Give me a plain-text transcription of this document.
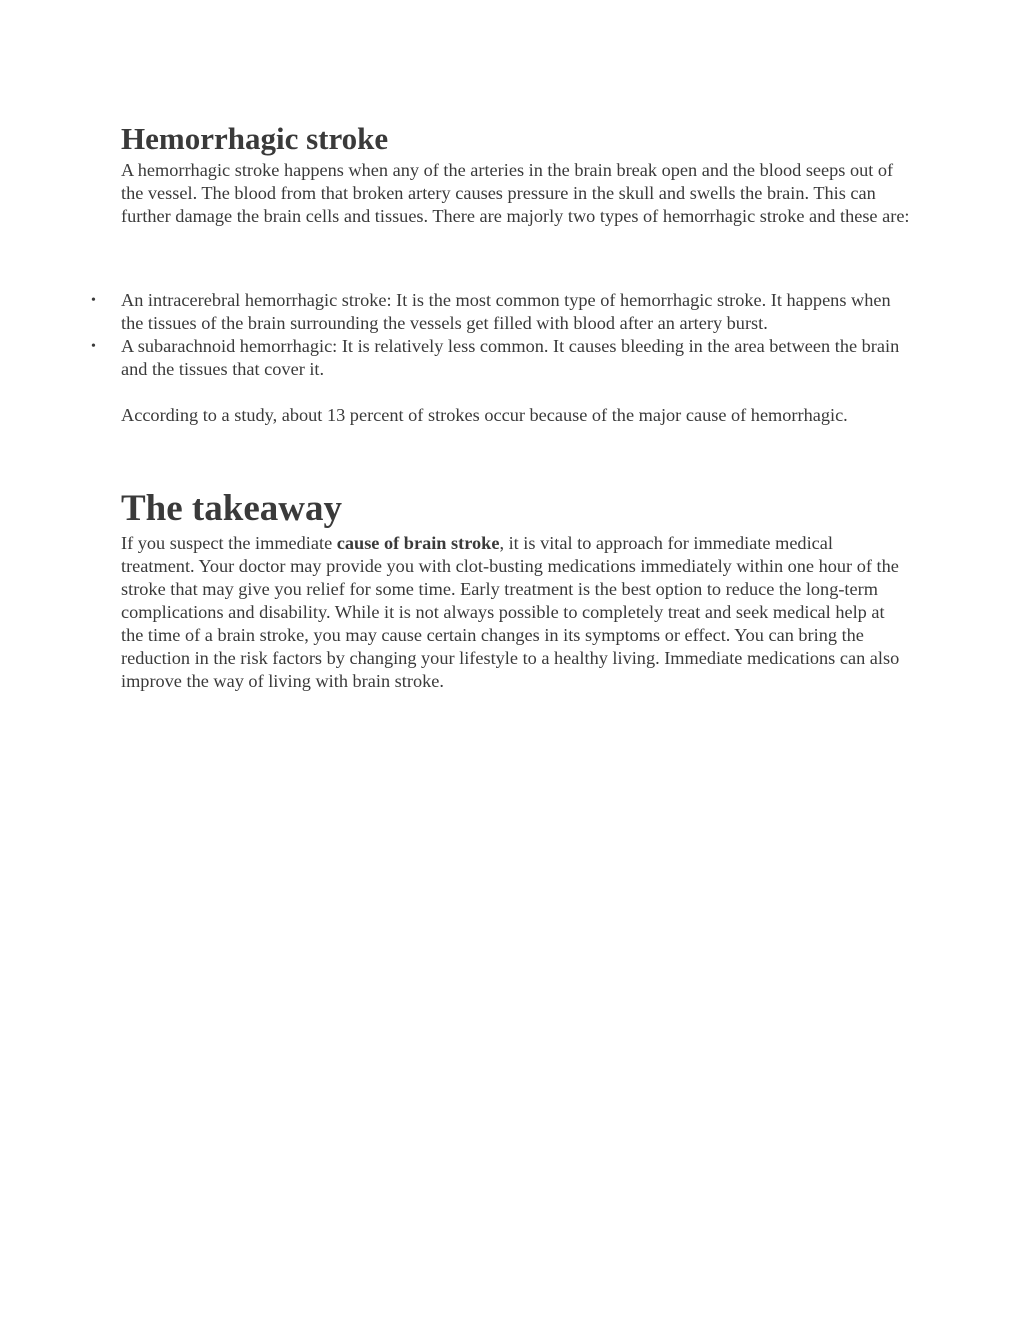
Hemorrhagic stroke

A hemorrhagic stroke happens when any of the arteries in the brain break open and the blood seeps out of the vessel. The blood from that broken artery causes pressure in the skull and swells the brain. This can further damage the brain cells and tissues. There are majorly two types of hemorrhagic stroke and these are:

• An intracerebral hemorrhagic stroke: It is the most common type of hemorrhagic stroke. It happens when the tissues of the brain surrounding the vessels get filled with blood after an artery burst.
• A subarachnoid hemorrhagic: It is relatively less common. It causes bleeding in the area between the brain and the tissues that cover it.

According to a study, about 13 percent of strokes occur because of the major cause of hemorrhagic.

The takeaway

If you suspect the immediate cause of brain stroke, it is vital to approach for immediate medical treatment. Your doctor may provide you with clot-busting medications immediately within one hour of the stroke that may give you relief for some time. Early treatment is the best option to reduce the long-term complications and disability. While it is not always possible to completely treat and seek medical help at the time of a brain stroke, you may cause certain changes in its symptoms or effect. You can bring the reduction in the risk factors by changing your lifestyle to a healthy living. Immediate medications can also improve the way of living with brain stroke.
